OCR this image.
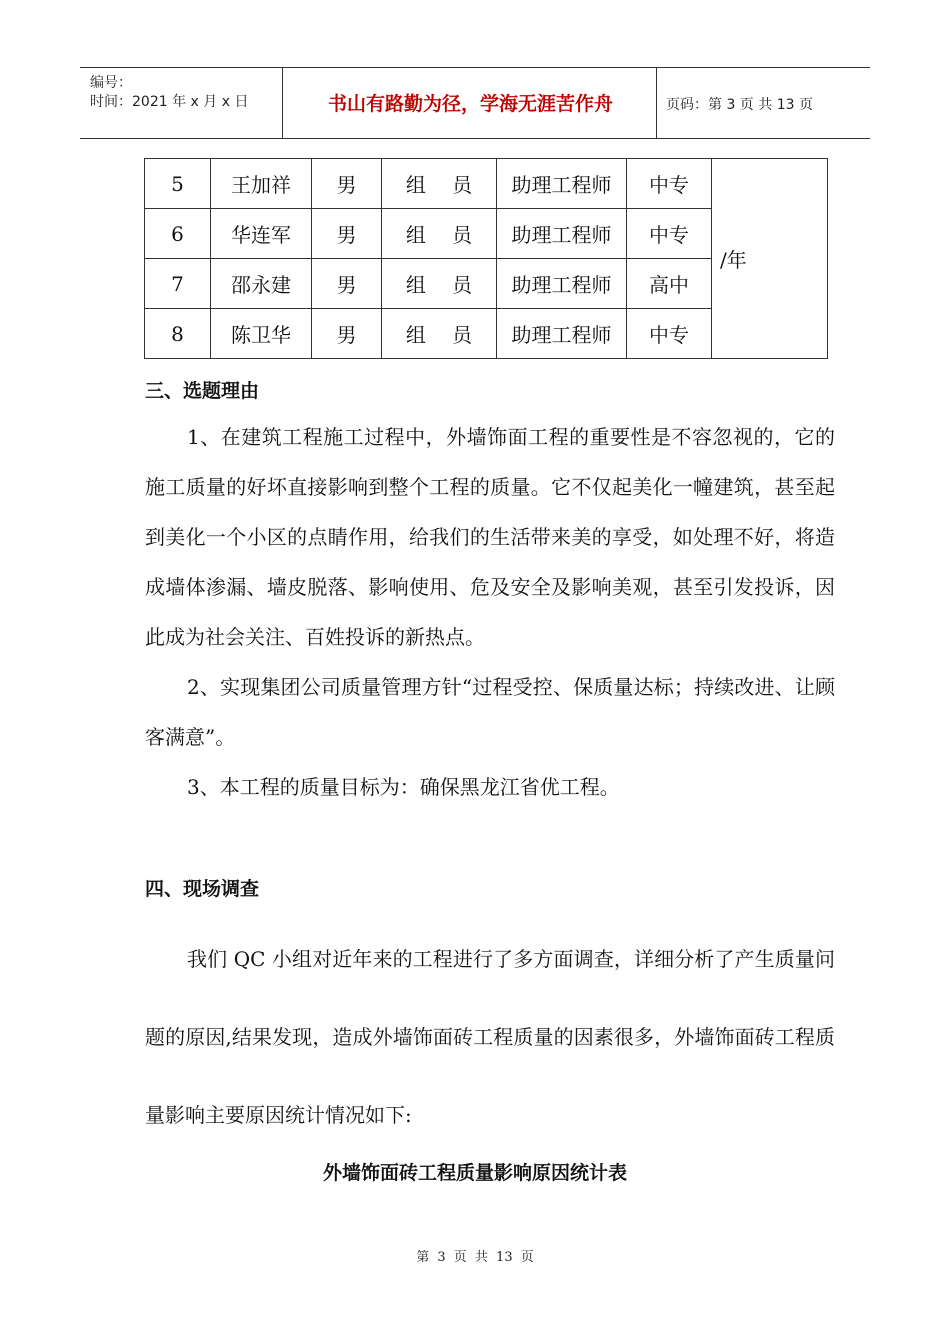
编号：
时间：2021 年 x 月 x 日	书山有路勤为径，学海无涯苦作舟	页码：第 3 页 共 13 页
5	王加祥	男	组　 员	助理工程师	中专	/年
6	华连军	男	组　 员	助理工程师	中专	
7	邵永建	男	组　 员	助理工程师	高中	
8	陈卫华	男	组　 员	助理工程师	中专	
三、选题理由

1、在建筑工程施工过程中，外墙饰面工程的重要性是不容忽视的，它的施工质量的好坏直接影响到整个工程的质量。它不仅起美化一幢建筑，甚至起到美化一个小区的点睛作用，给我们的生活带来美的享受，如处理不好，将造成墙体渗漏、墙皮脱落、影响使用、危及安全及影响美观，甚至引发投诉，因此成为社会关注、百姓投诉的新热点。

2、实现集团公司质量管理方针“过程受控、保质量达标；持续改进、让顾客满意”。

3、本工程的质量目标为：确保黑龙江省优工程。

四、现场调查

我们 QC 小组对近年来的工程进行了多方面调查，详细分析了产生质量问题的原因,结果发现，造成外墙饰面砖工程质量的因素很多，外墙饰面砖工程质量影响主要原因统计情况如下:

外墙饰面砖工程质量影响原因统计表
第 3 页 共 13 页
